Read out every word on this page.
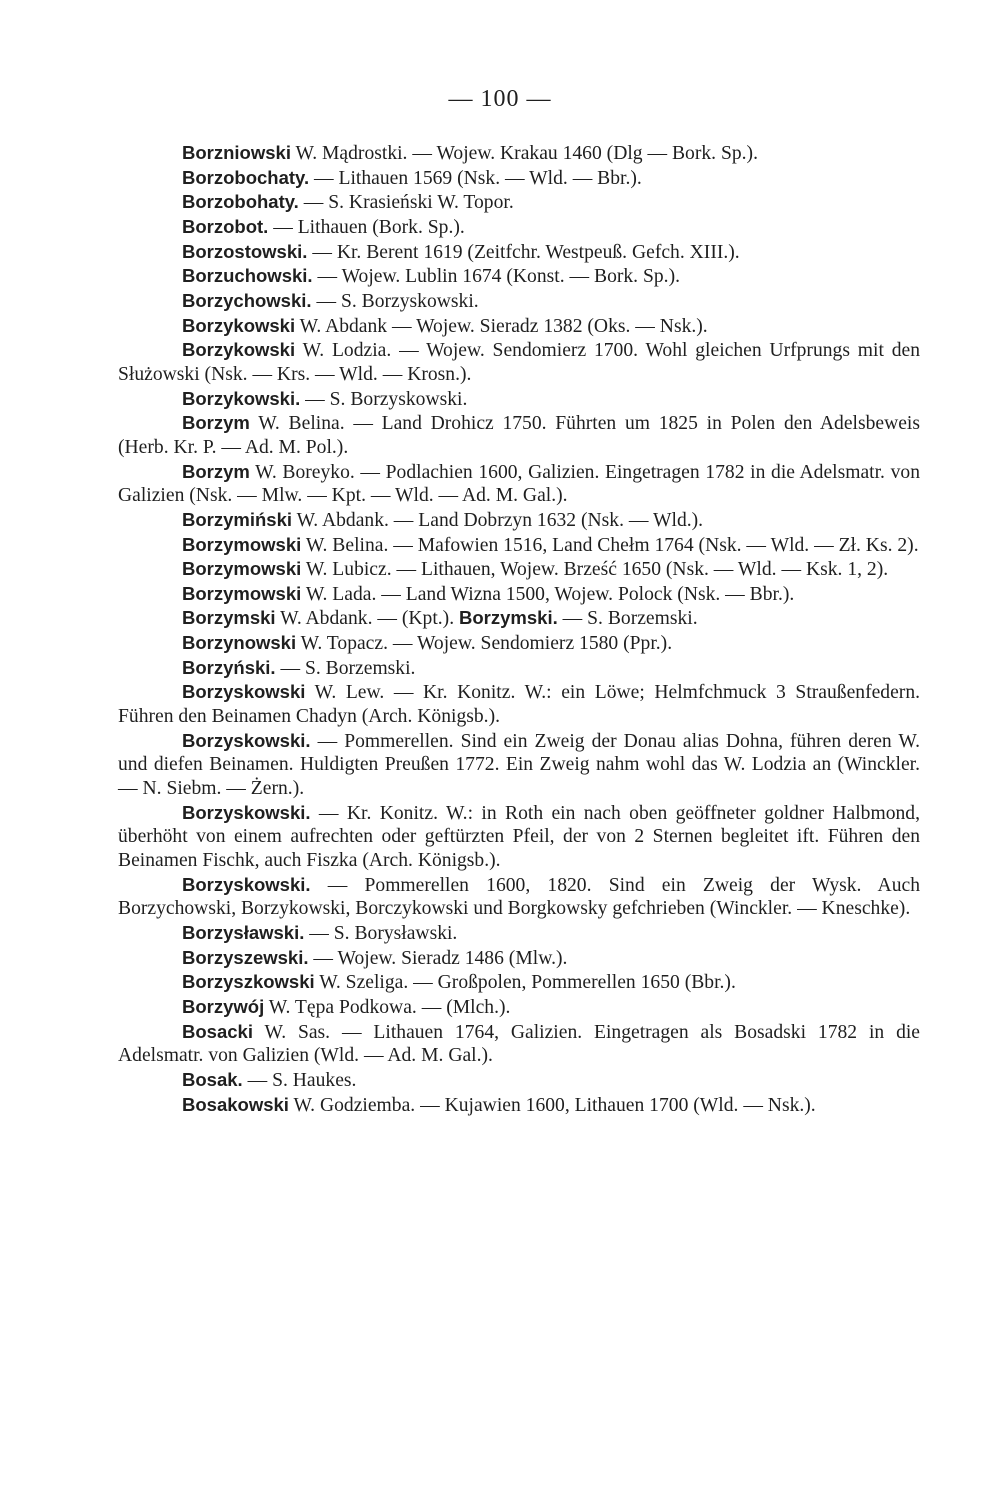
— 100 —

Borzniowski W. Mądrostki. — Wojew. Krakau 1460 (Dlg — Bork. Sp.).

Borzobochaty. — Lithauen 1569 (Nsk. — Wld. — Bbr.).

Borzobohaty. — S. Krasieński W. Topor.

Borzobot. — Lithauen (Bork. Sp.).

Borzostowski. — Kr. Berent 1619 (Zeitfchr. Westpeuß. Gefch. XIII.).

Borzuchowski. — Wojew. Lublin 1674 (Konst. — Bork. Sp.).

Borzychowski. — S. Borzyskowski.

Borzykowski W. Abdank — Wojew. Sieradz 1382 (Oks. — Nsk.).

Borzykowski W. Lodzia. — Wojew. Sendomierz 1700. Wohl gleichen Urfprungs mit den Służowski (Nsk. — Krs. — Wld. — Krosn.).

Borzykowski. — S. Borzyskowski.

Borzym W. Belina. — Land Drohicz 1750. Führten um 1825 in Polen den Adelsbeweis (Herb. Kr. P. — Ad. M. Pol.).

Borzym W. Boreyko. — Podlachien 1600, Galizien. Eingetragen 1782 in die Adelsmatr. von Galizien (Nsk. — Mlw. — Kpt. — Wld. — Ad. M. Gal.).

Borzymiński W. Abdank. — Land Dobrzyn 1632 (Nsk. — Wld.).

Borzymowski W. Belina. — Mafowien 1516, Land Chełm 1764 (Nsk. — Wld. — Zł. Ks. 2).

Borzymowski W. Lubicz. — Lithauen, Wojew. Brześć 1650 (Nsk. — Wld. — Ksk. 1, 2).

Borzymowski W. Lada. — Land Wizna 1500, Wojew. Polock (Nsk. — Bbr.).

Borzymski W. Abdank. — (Kpt.). Borzymski. — S. Borzemski.

Borzynowski W. Topacz. — Wojew. Sendomierz 1580 (Ppr.).

Borzyński. — S. Borzemski.

Borzyskowski W. Lew. — Kr. Konitz. W.: ein Löwe; Helmfchmuck 3 Straußenfedern. Führen den Beinamen Chadyn (Arch. Königsb.).

Borzyskowski. — Pommerellen. Sind ein Zweig der Donau alias Dohna, führen deren W. und diefen Beinamen. Huldigten Preußen 1772. Ein Zweig nahm wohl das W. Lodzia an (Winckler. — N. Siebm. — Żern.).

Borzyskowski. — Kr. Konitz. W.: in Roth ein nach oben geöffneter goldner Halbmond, überhöht von einem aufrechten oder geftürzten Pfeil, der von 2 Sternen begleitet ift. Führen den Beinamen Fischk, auch Fiszka (Arch. Königsb.).

Borzyskowski. — Pommerellen 1600, 1820. Sind ein Zweig der Wysk. Auch Borzychowski, Borzykowski, Borczykowski und Borgkowsky gefchrieben (Winckler. — Kneschke).

Borzysławski. — S. Borysławski.

Borzyszewski. — Wojew. Sieradz 1486 (Mlw.).

Borzyszkowski W. Szeliga. — Großpolen, Pommerellen 1650 (Bbr.).

Borzywój W. Tępa Podkowa. — (Mlch.).

Bosacki W. Sas. — Lithauen 1764, Galizien. Eingetragen als Bosadski 1782 in die Adelsmatr. von Galizien (Wld. — Ad. M. Gal.).

Bosak. — S. Haukes.

Bosakowski W. Godziemba. — Kujawien 1600, Lithauen 1700 (Wld. — Nsk.).
